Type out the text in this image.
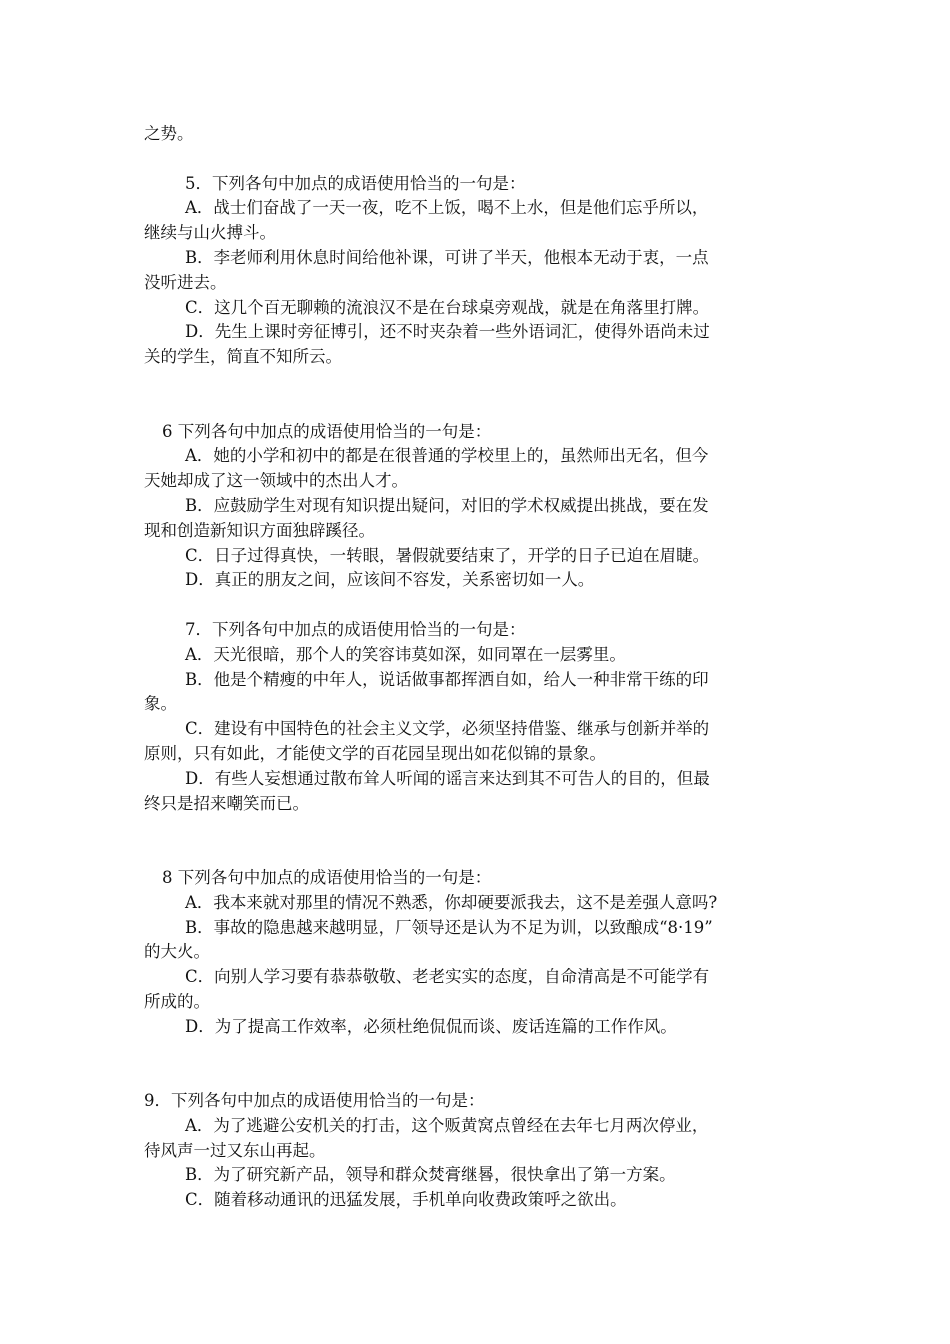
之势。
5．下列各句中加点的成语使用恰当的一句是：
A．战士们奋战了一天一夜，吃不上饭，喝不上水，但是他们忘乎所以，
继续与山火搏斗。
B．李老师利用休息时间给他补课，可讲了半天，他根本无动于衷，一点
没听进去。
C．这几个百无聊赖的流浪汉不是在台球桌旁观战，就是在角落里打牌。
D．先生上课时旁征博引，还不时夹杂着一些外语词汇，使得外语尚未过
关的学生，简直不知所云。
6 下列各句中加点的成语使用恰当的一句是：
A．她的小学和初中的都是在很普通的学校里上的，虽然师出无名，但今
天她却成了这一领域中的杰出人才。
B．应鼓励学生对现有知识提出疑问，对旧的学术权威提出挑战，要在发
现和创造新知识方面独辟蹊径。
C．日子过得真快，一转眼，暑假就要结束了，开学的日子已迫在眉睫。
D．真正的朋友之间，应该间不容发，关系密切如一人。
7．下列各句中加点的成语使用恰当的一句是：
A．天光很暗，那个人的笑容讳莫如深，如同罩在一层雾里。
B．他是个精瘦的中年人，说话做事都挥洒自如，给人一种非常干练的印
象。
C．建设有中国特色的社会主义文学，必须坚持借鉴、继承与创新并举的
原则，只有如此，才能使文学的百花园呈现出如花似锦的景象。
D．有些人妄想通过散布耸人听闻的谣言来达到其不可告人的目的，但最
终只是招来嘲笑而已。
8 下列各句中加点的成语使用恰当的一句是：
A．我本来就对那里的情况不熟悉，你却硬要派我去，这不是差强人意吗?
B．事故的隐患越来越明显，厂领导还是认为不足为训，以致酿成“8·19”
的大火。
C．向别人学习要有恭恭敬敬、老老实实的态度，自命清高是不可能学有
所成的。
D．为了提高工作效率，必须杜绝侃侃而谈、废话连篇的工作作风。
9．下列各句中加点的成语使用恰当的一句是：
A．为了逃避公安机关的打击，这个贩黄窝点曾经在去年七月两次停业，
待风声一过又东山再起。
B．为了研究新产品，领导和群众焚膏继晷，很快拿出了第一方案。
C．随着移动通讯的迅猛发展，手机单向收费政策呼之欲出。
